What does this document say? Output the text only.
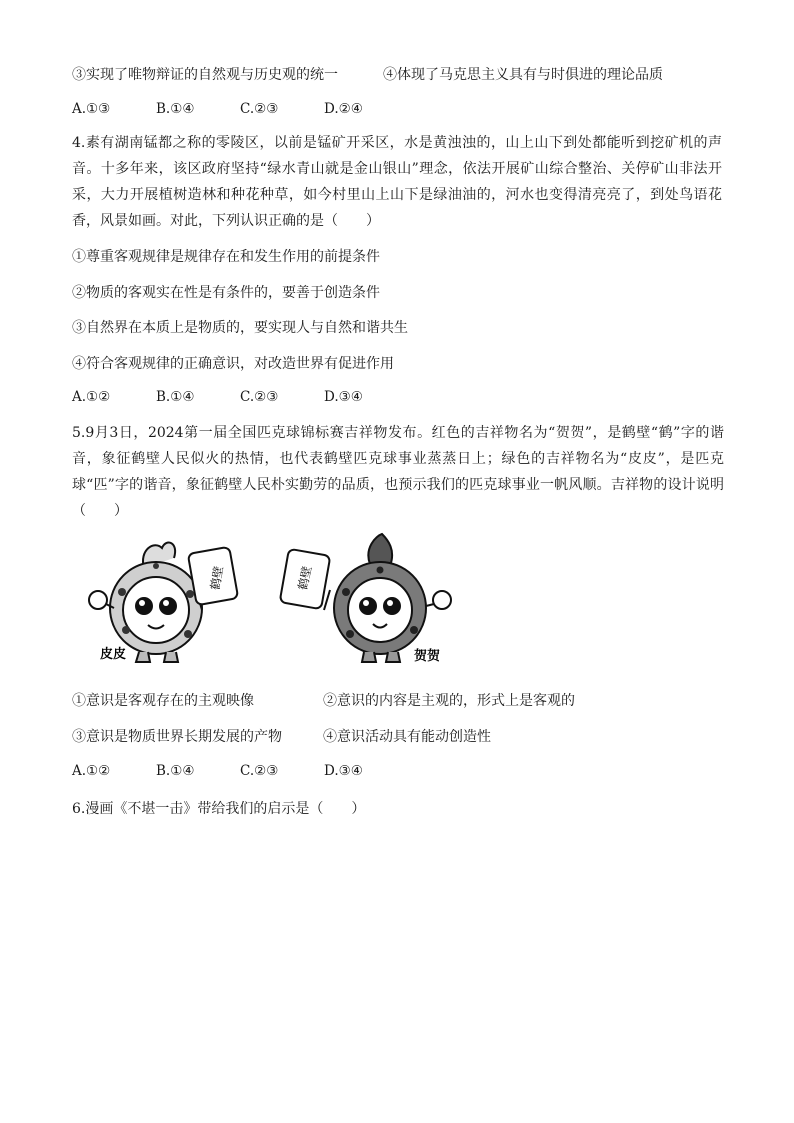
③实现了唯物辩证的自然观与历史观的统一	④体现了马克思主义具有与时俱进的理论品质
A.①③	B.①④	C.②③	D.②④
4.素有湖南锰都之称的零陵区，以前是锰矿开采区，水是黄浊浊的，山上山下到处都能听到挖矿机的声音。十多年来，该区政府坚持“绿水青山就是金山银山”理念，依法开展矿山综合整治、关停矿山非法开采，大力开展植树造林和种花种草，如今村里山上山下是绿油油的，河水也变得清亮亮了，到处鸟语花香，风景如画。对此，下列认识正确的是（　　）
①尊重客观规律是规律存在和发生作用的前提条件
②物质的客观实在性是有条件的，要善于创造条件
③自然界在本质上是物质的，要实现人与自然和谐共生
④符合客观规律的正确意识，对改造世界有促进作用
A.①②	B.①④	C.②③	D.③④
5.9月3日，2024第一届全国匹克球锦标赛吉祥物发布。红色的吉祥物名为“贺贺”，是鹤壁“鹤”字的谐音，象征鹤壁人民似火的热情，也代表鹤壁匹克球事业蒸蒸日上；绿色的吉祥物名为“皮皮”，是匹克球“匹”字的谐音，象征鹤壁人民朴实勤劳的品质，也预示我们的匹克球事业一帆风顺。吉祥物的设计说明（　　）
鹤壁
皮皮
鹤壁
贺贺
①意识是客观存在的主观映像	②意识的内容是主观的，形式上是客观的
③意识是物质世界长期发展的产物	④意识活动具有能动创造性
A.①②	B.①④	C.②③	D.③④
6.漫画《不堪一击》带给我们的启示是（　　）
